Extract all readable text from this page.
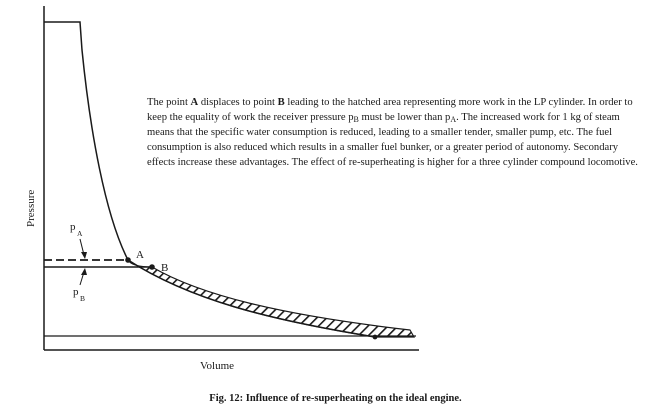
A
B
p
A
p
B
Pressure
Volume

The point A displaces to point B leading to the hatched area representing more work in the LP cylinder. In order to keep the equality of work the receiver pressure $p_B$ must be lower than $p_A$. The increased work for 1 kg of steam means that the specific water consumption is reduced, leading to a smaller tender, smaller pump, etc. The fuel consumption is also reduced which results in a smaller fuel bunker, or a greater period of autonomy. Secondary effects increase these advantages. The effect of re-superheating is higher for a three cylinder compound locomotive.

Fig. 12: Influence of re-superheating on the ideal engine.
